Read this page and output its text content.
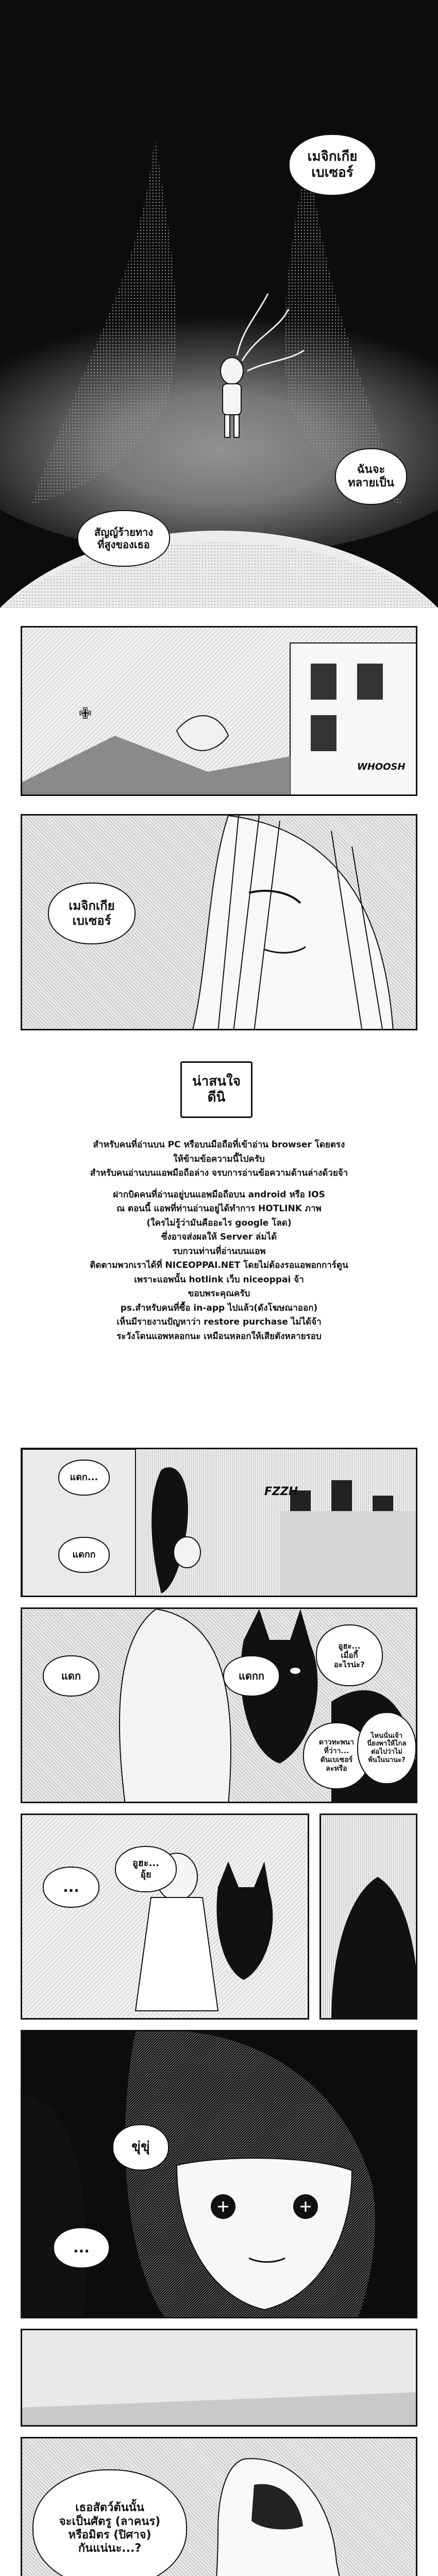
เมจิกเกีย
เบเซอร์
ฉันจะ
ทลายเป็น
สัญญ์ร้ายทาง
ที่สูงของเธอ
WHOOSH
✙
เมจิกเกีย
เบเซอร์
น่าสนใจ
ดีนิ

สำหรับคนที่อ่านบน PC หรือบนมือถือที่เข้าอ่าน browser โดยตรง

ให้ข้ามข้อความนี้ไปครับ

สำหรับคนอ่านบนแอพมือถือล่าง จรบการอ่านข้อความด้านล่างด้วยจ้า

ฝากบิดคนที่อ่านอยู่บนแอพมือถือบน android หรือ IOS

ณ ตอนนี้ แอพที่ท่านอ่านอยู่ได้ทำการ HOTLINK ภาพ

(ใครไม่รู้ว่ามันคืออะไร google โลด)

ซึ่งอาจส่งผลให้ Server ล่มได้

รบกวนท่านที่อ่านบนแอพ

ติดตามพวกเราได้ที่ NICEOPPAI.NET โดยไม่ต้องรอแอพอกการ์ตูน

เพราะแอพนั้น hotlink เว็บ niceoppai จ้า

ขอบพระคุณครับ

ps.สำหรับคนที่ซื้อ in-app ไปแล้ว(ดังโฆษณาออก)

เห็นมีรายงานปัญหาว่า restore purchase ไม่ได้จ้า

ระวังโดนแอพหลอกนะ เหมือนหลอกให้เสียตังหลายรอบ

แดก...
แดกก
FZZH
แดก	แดกก
อูฮะ...
เมื่อกี้
อะไรน่ะ?
ดาวทะพนา
ที่ว่าา...
ดันเบเซอร์
ละหรือ
ไหนนั่นเจ้า
นี่ยงพาให้ไกล
ต่อไปว่าไม่
พ้นในนานะ?
...
อูฮะ...
อุ้ย
ขุ่ขุ่
...
เธอสัตว์ต้นนั้น
จะเป็นศัตรู (ลาคนร)
หรือมิตร (ปิศาจ)
กันแน่นะ...?
